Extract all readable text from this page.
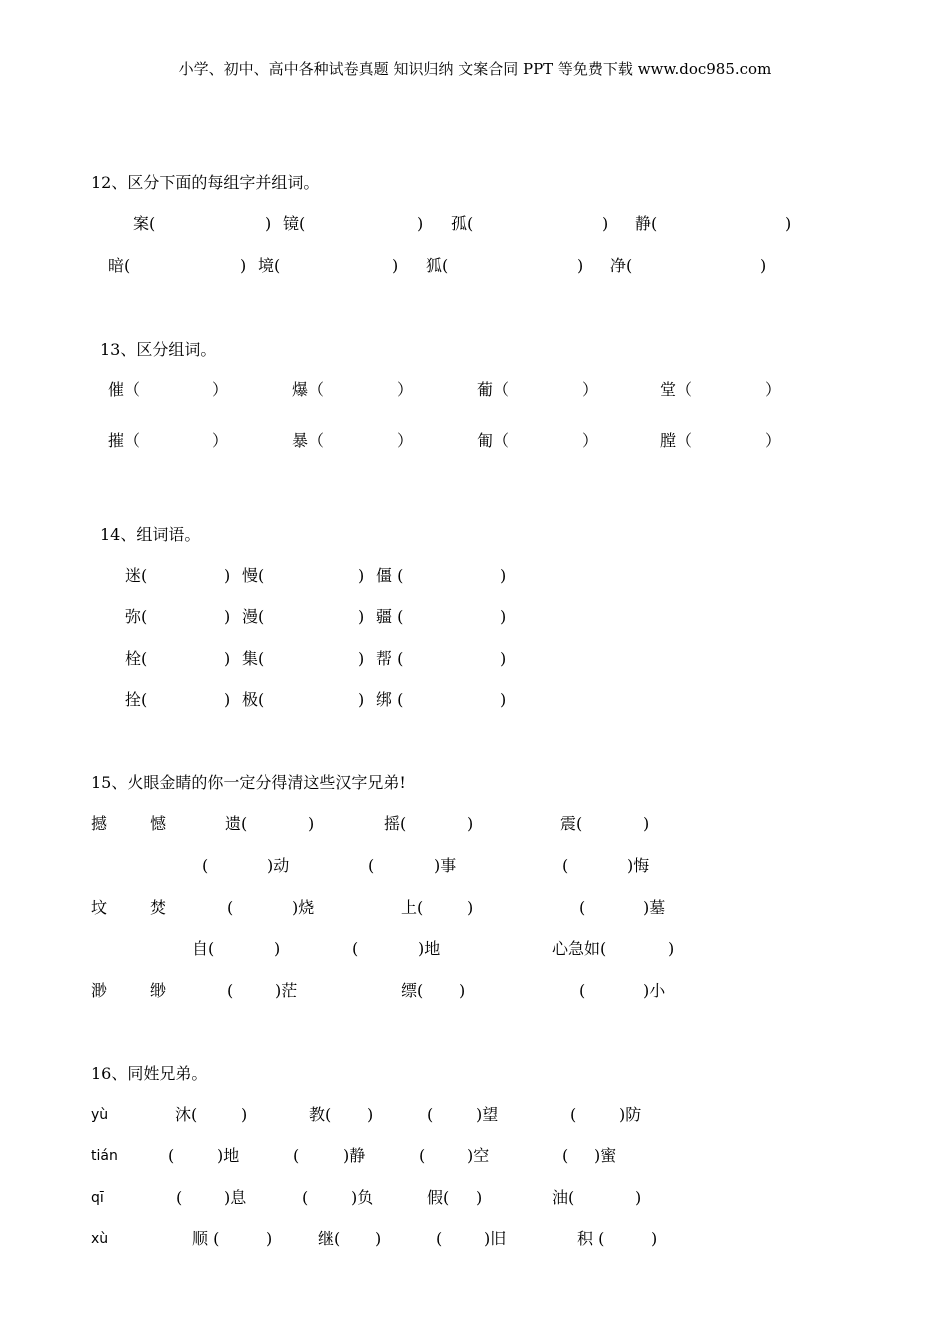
小学、初中、高中各种试卷真题 知识归纳 文案合同 PPT 等免费下载 www.doc985.com
12、区分下面的每组字并组词。
案(	) 镜(	) 孤(	) 静(	)
暗(	) 境(	) 狐(	) 净(	)
13、区分组词。
催（	）	爆（	）	葡（	）	堂（	）
摧（	）	暴（	）	匍（	）	膛（	）
14、组词语。
迷(	) 慢(	) 僵 (	)
弥(	) 漫(	) 疆 (	)
栓(	) 集(	) 帮 (	)
拴(	) 极(	) 绑 (	)
15、火眼金睛的你一定分得清这些汉字兄弟!
撼	憾	遗(	)	摇(	)	震(	)
(	)动	(	)事	(	)悔
坟	焚	(	)烧	上(	)	(	)墓
自(	)	(	)地	心急如(	)
渺	缈	(	)茫	缥( )	(	)小
16、同姓兄弟。
yù	沐(	)	教( )	(	)望	(	)防
tián	(	)地	(	)静	(	)空	( )蜜
qī	(	)息	(	)负	假( )	油(	)
xù	顺 (	)	继( )	(	)旧	积 (	)
